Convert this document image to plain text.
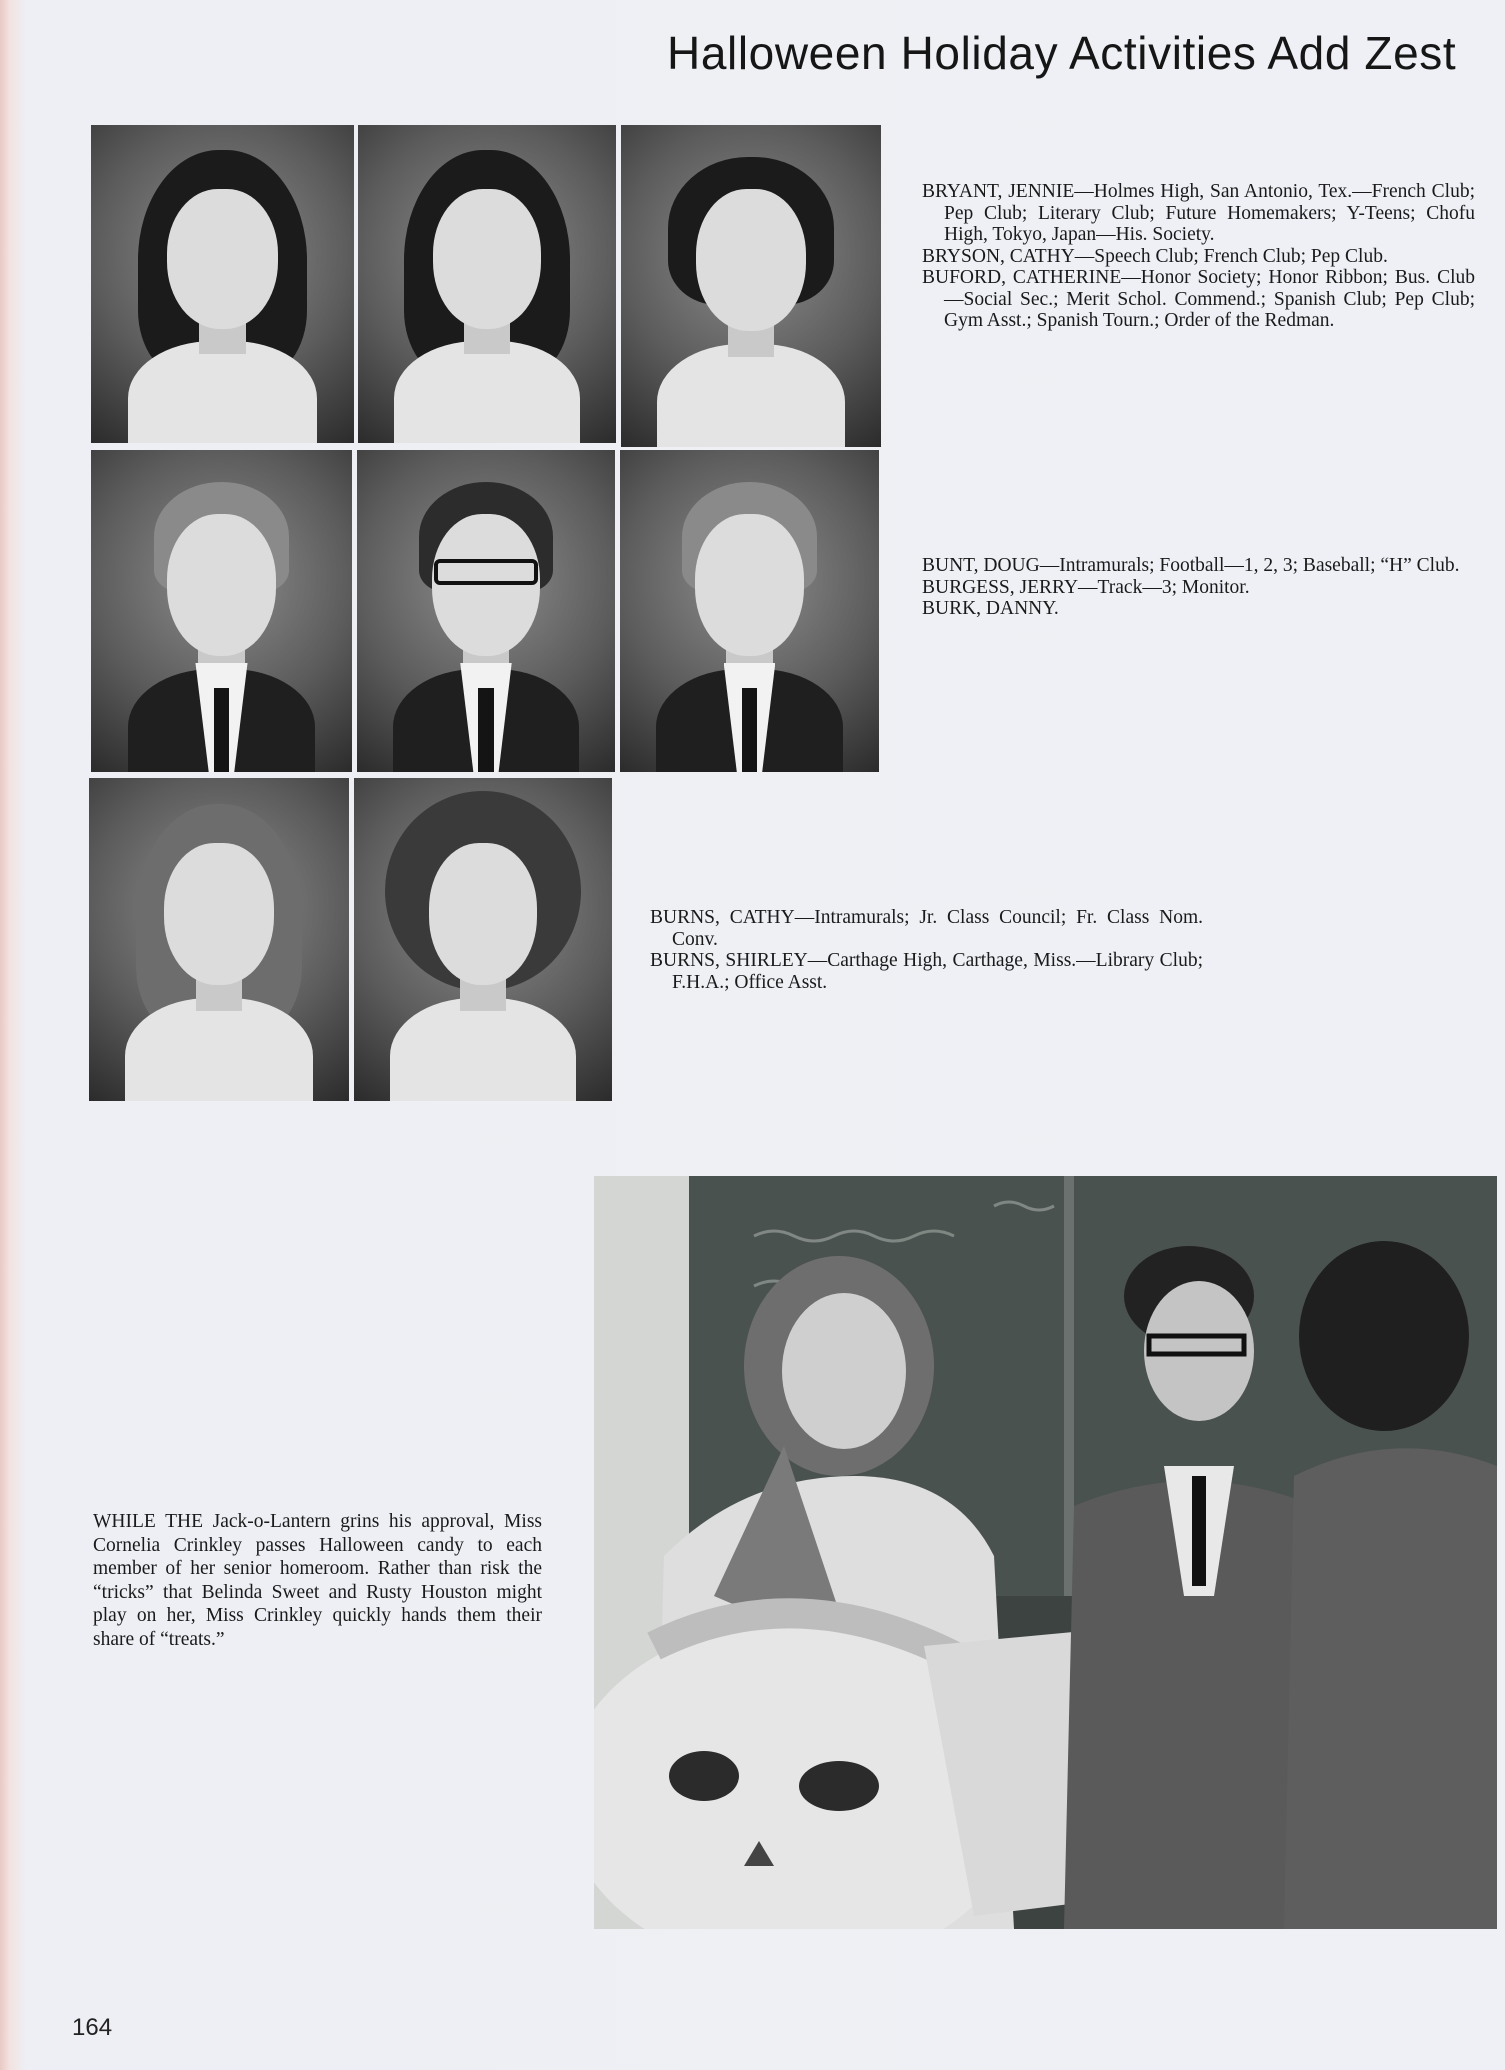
Halloween Holiday Activities Add Zest

BRYANT, JENNIE—Holmes High, San Antonio, Tex.—French Club; Pep Club; Literary Club; Future Homemakers; Y-Teens; Chofu High, Tokyo, Japan—His. Society.

BRYSON, CATHY—Speech Club; French Club; Pep Club.

BUFORD, CATHERINE—Honor Society; Honor Ribbon; Bus. Club—Social Sec.; Merit Schol. Commend.; Spanish Club; Pep Club; Gym Asst.; Spanish Tourn.; Order of the Redman.

BUNT, DOUG—Intramurals; Football—1, 2, 3; Baseball; “H” Club.

BURGESS, JERRY—Track—3; Monitor.

BURK, DANNY.

BURNS, CATHY—Intramurals; Jr. Class Council; Fr. Class Nom. Conv.

BURNS, SHIRLEY—Carthage High, Carthage, Miss.—Library Club; F.H.A.; Office Asst.

WHILE THE Jack-o-Lantern grins his approval, Miss Cornelia Crinkley passes Halloween candy to each member of her senior homeroom. Rather than risk the “tricks” that Belinda Sweet and Rusty Houston might play on her, Miss Crinkley quickly hands them their share of “treats.”
164
